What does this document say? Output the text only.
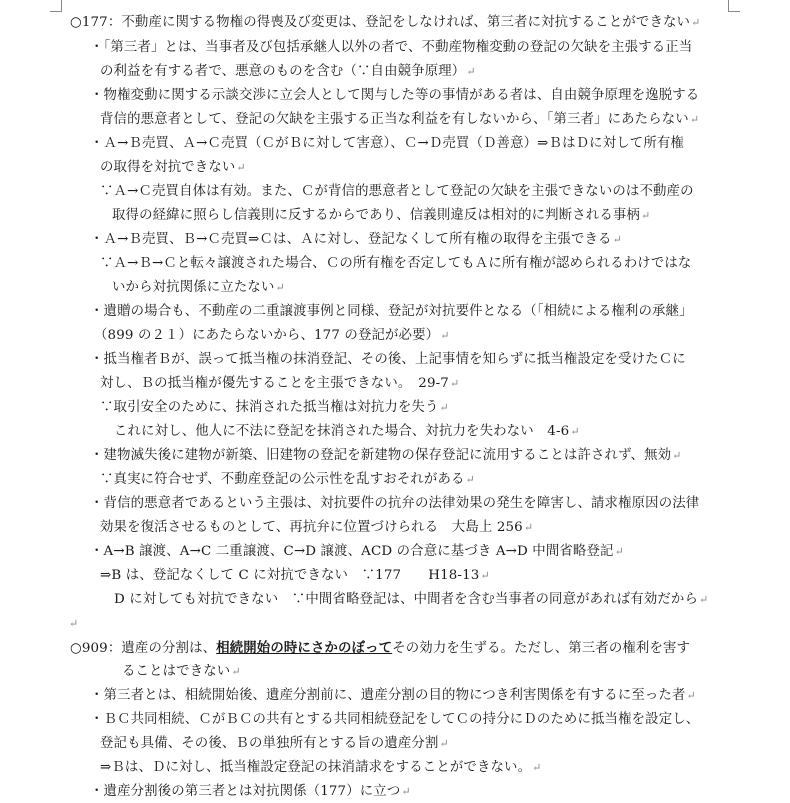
○177：不動産に関する物権の得喪及び変更は、登記をしなければ、第三者に対抗することができない↵
・「第三者」とは、当事者及び包括承継人以外の者で、不動産物権変動の登記の欠缺を主張する正当
の利益を有する者で、悪意のものを含む（∵自由競争原理）↵
・物権変動に関する示談交渉に立会人として関与した等の事情がある者は、自由競争原理を逸脱する
背信的悪意者として、登記の欠缺を主張する正当な利益を有しないから、「第三者」にあたらない↵
・Ａ→Ｂ売買、Ａ→Ｃ売買（ＣがＢに対して害意）、Ｃ→Ｄ売買（Ｄ善意）⇒ＢはＤに対して所有権
の取得を対抗できない↵
∵Ａ→Ｃ売買自体は有効。また、Ｃが背信的悪意者として登記の欠缺を主張できないのは不動産の
取得の経緯に照らし信義則に反するからであり、信義則違反は相対的に判断される事柄↵
・Ａ→Ｂ売買、Ｂ→Ｃ売買⇒Ｃは、Ａに対し、登記なくして所有権の取得を主張できる↵
∵Ａ→Ｂ→Ｃと転々譲渡された場合、Ｃの所有権を否定してもＡに所有権が認められるわけではな
いから対抗関係に立たない↵
・遺贈の場合も、不動産の二重譲渡事例と同様、登記が対抗要件となる（「相続による権利の承継」
（899 の２１）にあたらないから、177 の登記が必要）↵
・抵当権者Ｂが、誤って抵当権の抹消登記、その後、上記事情を知らずに抵当権設定を受けたＣに
対し、Ｂの抵当権が優先することを主張できない。　29-7↵
∵取引安全のために、抹消された抵当権は対抗力を失う↵
これに対し、他人に不法に登記を抹消された場合、対抗力を失わない　4-6↵
・建物滅失後に建物が新築、旧建物の登記を新建物の保存登記に流用することは許されず、無効↵
∵真実に符合せず、不動産登記の公示性を乱すおそれがある↵
・背信的悪意者であるという主張は、対抗要件の抗弁の法律効果の発生を障害し、請求権原因の法律
効果を復活させるものとして、再抗弁に位置づけられる　大島上 256↵
・A→B 譲渡、A→C 二重譲渡、C→D 譲渡、ACD の合意に基づき A→D 中間省略登記↵
⇒B は、登記なくして C に対抗できない　∵177　　H18-13↵
D に対しても対抗できない　∵中間省略登記は、中間者を含む当事者の同意があれば有効だから↵
↵
○909：遺産の分割は、相続開始の時にさかのぼってその効力を生ずる。ただし、第三者の権利を害す
ることはできない↵
・第三者とは、相続開始後、遺産分割前に、遺産分割の目的物につき利害関係を有するに至った者↵
・ＢＣ共同相続、ＣがＢＣの共有とする共同相続登記をしてＣの持分にＤのために抵当権を設定し、
登記も具備、その後、Ｂの単独所有とする旨の遺産分割↵
⇒Ｂは、Ｄに対し、抵当権設定登記の抹消請求をすることができない。↵
・遺産分割後の第三者とは対抗関係（177）に立つ↵
